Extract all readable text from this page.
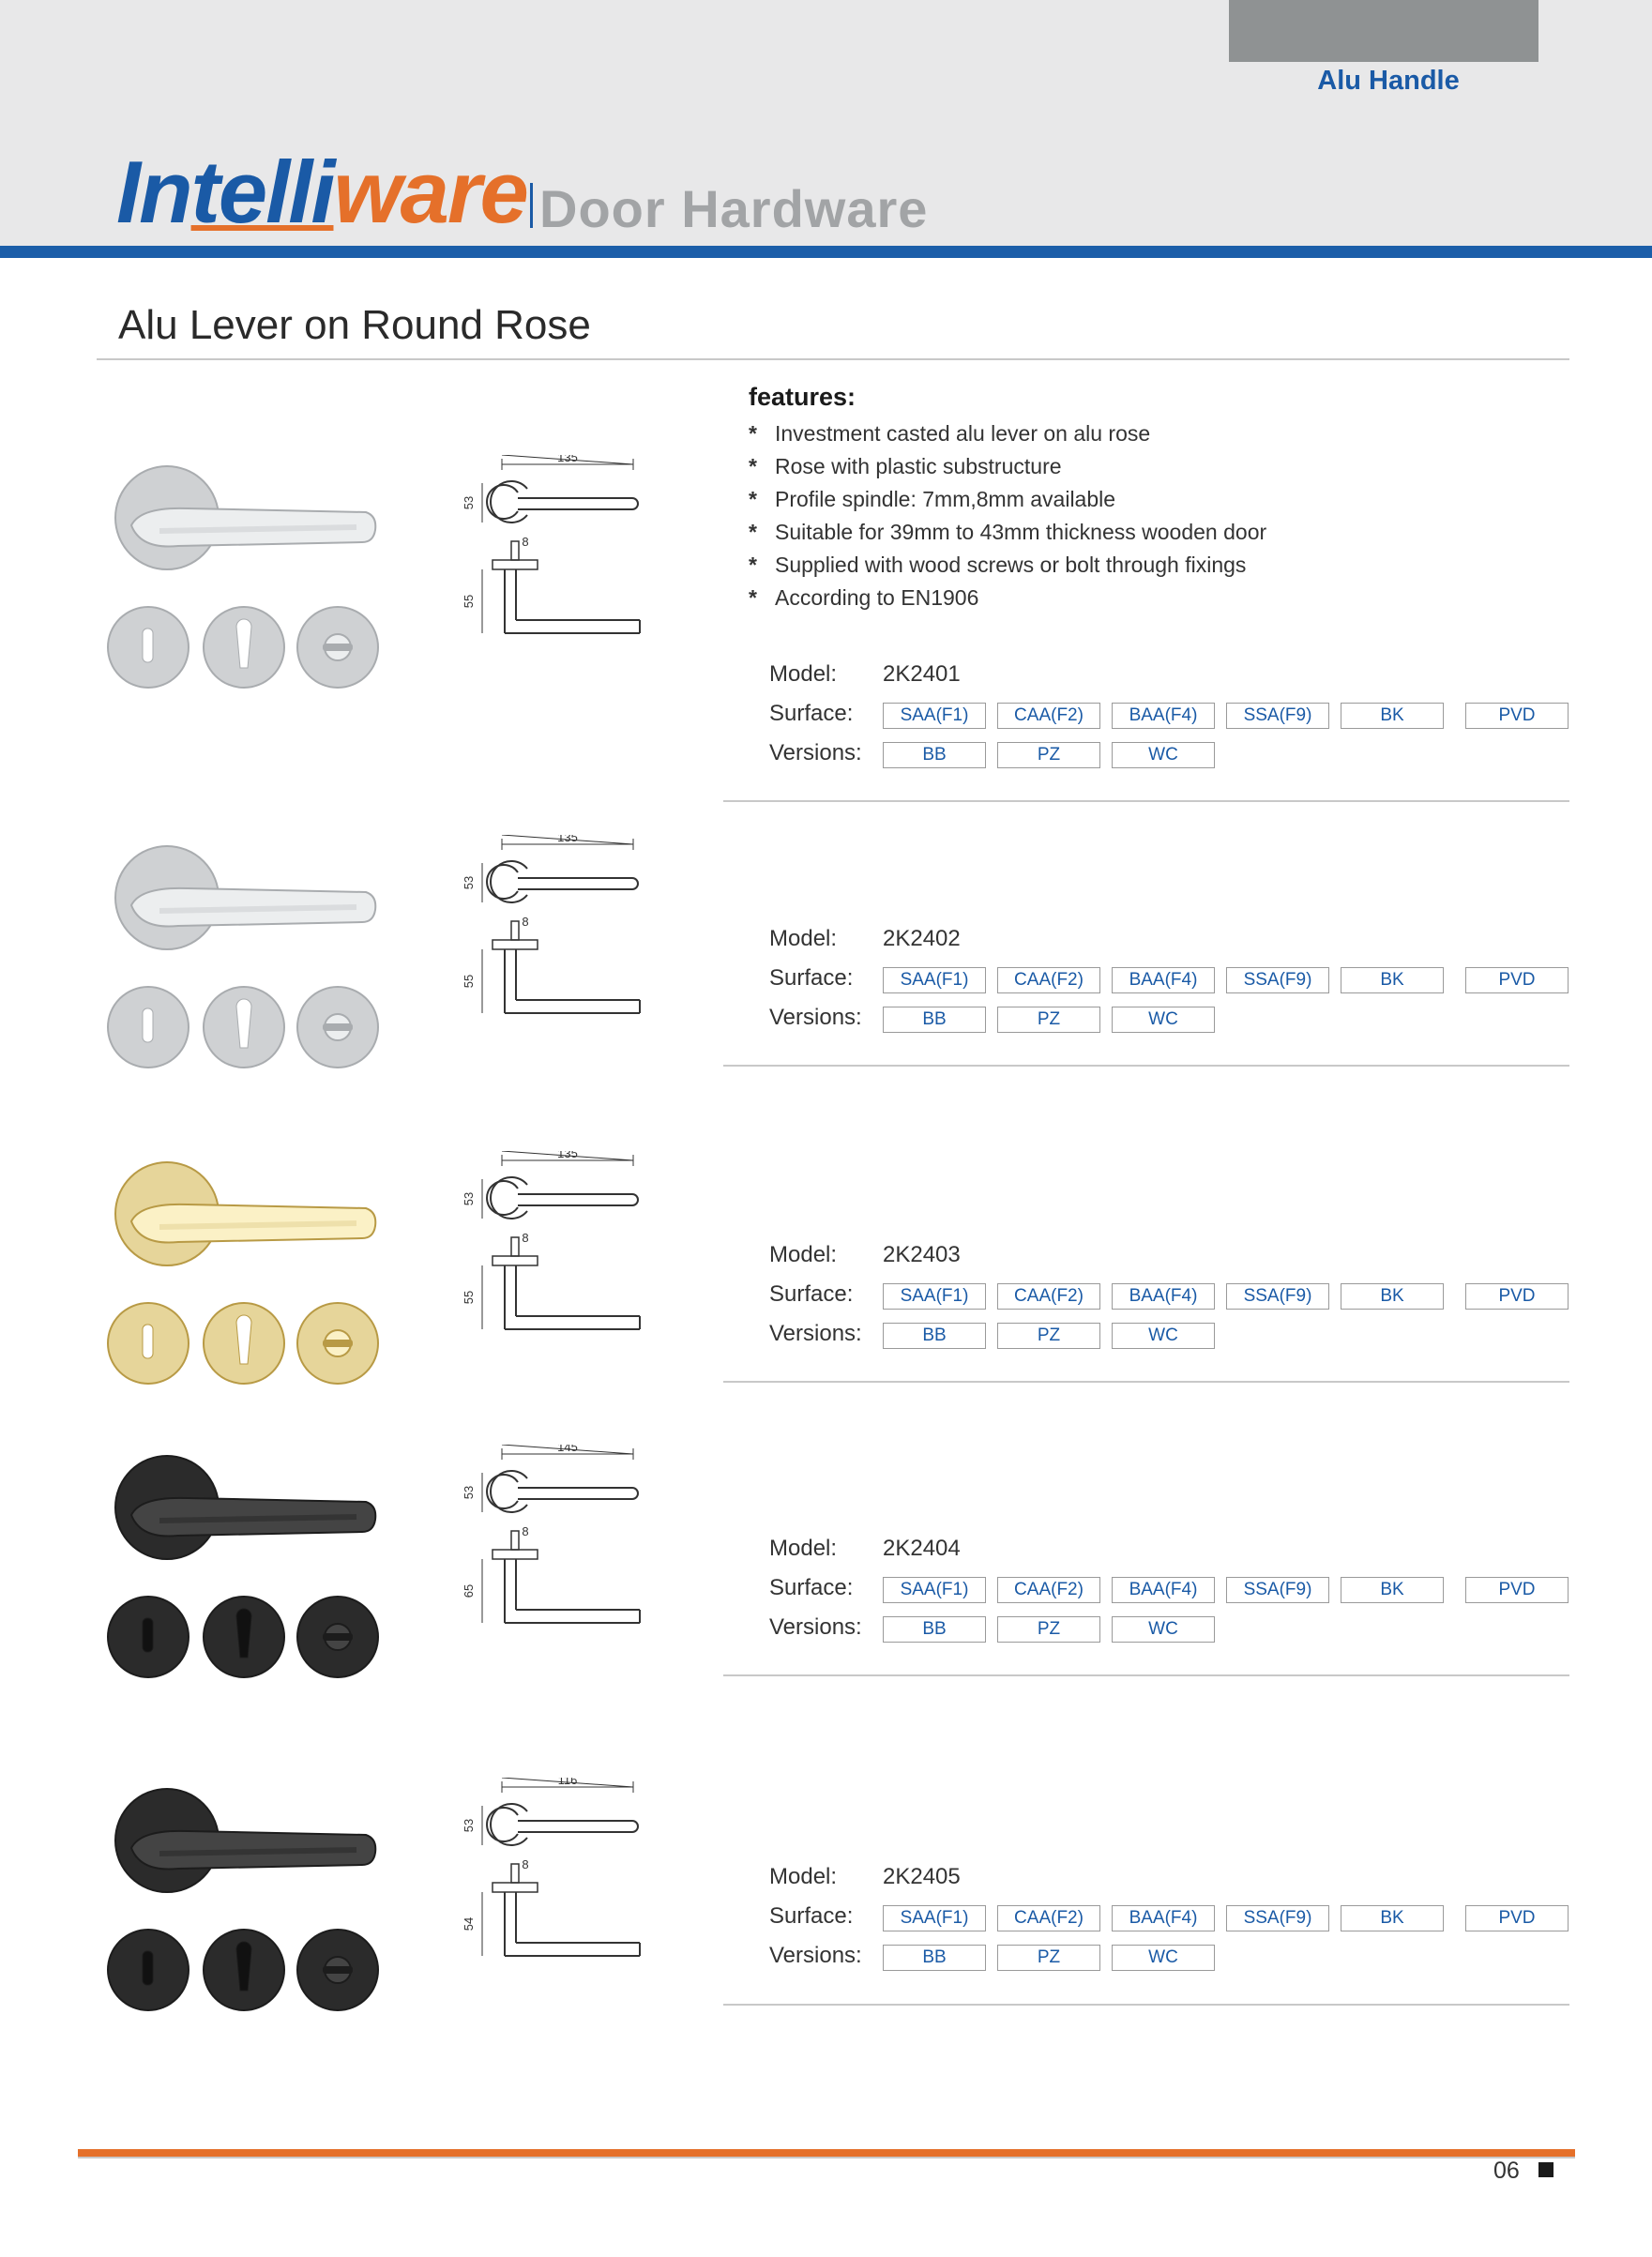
Alu Handle
Intelliware Door Hardware
Alu Lever on Round Rose
features:
* Investment casted alu lever on alu rose
* Rose with plastic substructure
* Profile spindle: 7mm,8mm available
* Suitable for 39mm to 43mm thickness wooden door
* Supplied with wood screws or bolt through fixings
* According to EN1906
135
53
8
55
Model: 2K2401
Surface:	SAA(F1)	CAA(F2)	BAA(F4)	SSA(F9)	BK	PVD
Versions:	BB	PZ	WC
135
53
8
55
Model: 2K2402
Surface:	SAA(F1)	CAA(F2)	BAA(F4)	SSA(F9)	BK	PVD
Versions:	BB	PZ	WC
135
53
8
55
Model: 2K2403
Surface:	SAA(F1)	CAA(F2)	BAA(F4)	SSA(F9)	BK	PVD
Versions:	BB	PZ	WC
145
53
8
65
Model: 2K2404
Surface:	SAA(F1)	CAA(F2)	BAA(F4)	SSA(F9)	BK	PVD
Versions:	BB	PZ	WC
116
53
8
54
Model: 2K2405
Surface:	SAA(F1)	CAA(F2)	BAA(F4)	SSA(F9)	BK	PVD
Versions:	BB	PZ	WC
06
